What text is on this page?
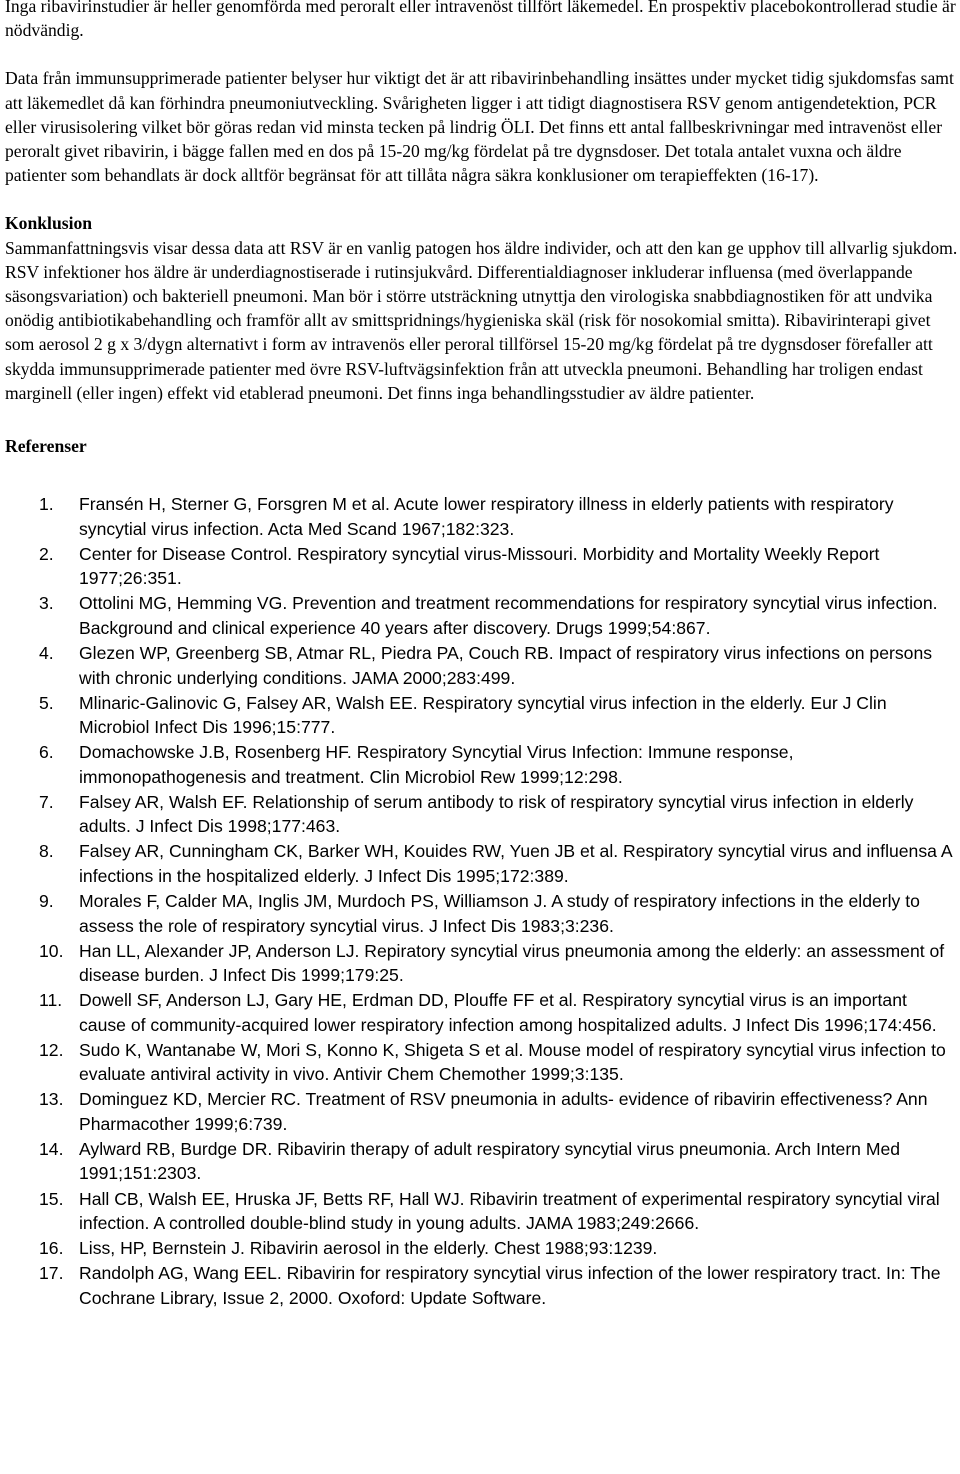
Inga ribavirinstudier är heller genomförda med peroralt eller intravenöst tillfört läkemedel. En prospektiv placebokontrollerad studie är nödvändig.

Data från immunsupprimerade patienter belyser hur viktigt det är att ribavirinbehandling insättes under mycket tidig sjukdomsfas samt att läkemedlet då kan förhindra pneumoniutveckling. Svårigheten ligger i att tidigt diagnostisera RSV genom antigendetektion, PCR eller virusisolering vilket bör göras redan vid minsta tecken på lindrig ÖLI. Det finns ett antal fallbeskrivningar med intravenöst eller peroralt givet ribavirin, i bägge fallen med en dos på 15-20 mg/kg fördelat på tre dygnsdoser. Det totala antalet vuxna och äldre patienter som behandlats är dock alltför begränsat för att tillåta några säkra konklusioner om terapieffekten (16-17).

Konklusion

Sammanfattningsvis visar dessa data att RSV är en vanlig patogen hos äldre individer, och att den kan ge upphov till allvarlig sjukdom. RSV infektioner hos äldre är underdiagnostiserade i rutinsjukvård. Differentialdiagnoser inkluderar influensa (med överlappande säsongsvariation) och bakteriell pneumoni. Man bör i större utsträckning utnyttja den virologiska snabbdiagnostiken för att undvika onödig antibiotikabehandling och framför allt av smittspridnings/hygieniska skäl (risk för nosokomial smitta). Ribavirinterapi givet som aerosol 2 g x 3/dygn alternativt i form av intravenös eller peroral tillförsel 15-20 mg/kg fördelat på tre dygnsdoser förefaller att skydda immunsupprimerade patienter med övre RSV-luftvägsinfektion från att utveckla pneumoni. Behandling har troligen endast marginell (eller ingen) effekt vid etablerad pneumoni. Det finns inga behandlingsstudier av äldre patienter.

Referenser

1. Fransén H, Sterner G, Forsgren M et al. Acute lower respiratory illness in elderly patients with respiratory syncytial virus infection. Acta Med Scand 1967;182:323.
2. Center for Disease Control. Respiratory syncytial virus-Missouri. Morbidity and Mortality Weekly Report 1977;26:351.
3. Ottolini MG, Hemming VG. Prevention and treatment recommendations for respiratory syncytial virus infection. Background and clinical experience 40 years after discovery. Drugs 1999;54:867.
4. Glezen WP, Greenberg SB, Atmar RL, Piedra PA, Couch RB. Impact of respiratory virus infections on persons with chronic underlying conditions. JAMA 2000;283:499.
5. Mlinaric-Galinovic G, Falsey AR, Walsh EE. Respiratory syncytial virus infection in the elderly. Eur J Clin Microbiol Infect Dis 1996;15:777.
6. Domachowske J.B, Rosenberg HF. Respiratory Syncytial Virus Infection: Immune response, immonopathogenesis and treatment. Clin Microbiol Rew 1999;12:298.
7. Falsey AR, Walsh EF. Relationship of serum antibody to risk of respiratory syncytial virus infection in elderly adults. J Infect Dis 1998;177:463.
8. Falsey AR, Cunningham CK, Barker WH, Kouides RW, Yuen JB et al. Respiratory syncytial virus and influensa A infections in the hospitalized elderly. J Infect Dis 1995;172:389.
9. Morales F, Calder MA, Inglis JM, Murdoch PS, Williamson J. A study of respiratory infections in the elderly to assess the role of respiratory syncytial virus. J Infect Dis 1983;3:236.
10. Han LL, Alexander JP, Anderson LJ. Repiratory syncytial virus pneumonia among the elderly: an assessment of disease burden. J Infect Dis 1999;179:25.
11. Dowell SF, Anderson LJ, Gary HE, Erdman DD, Plouffe FF et al. Respiratory syncytial virus is an important cause of community-acquired lower respiratory infection among hospitalized adults. J Infect Dis 1996;174:456.
12. Sudo K, Wantanabe W, Mori S, Konno K, Shigeta S et al. Mouse model of respiratory syncytial virus infection to evaluate antiviral activity in vivo. Antivir Chem Chemother 1999;3:135.
13. Dominguez KD, Mercier RC. Treatment of RSV pneumonia in adults- evidence of ribavirin effectiveness? Ann Pharmacother 1999;6:739.
14. Aylward RB, Burdge DR. Ribavirin therapy of adult respiratory syncytial virus pneumonia. Arch Intern Med 1991;151:2303.
15. Hall CB, Walsh EE, Hruska JF, Betts RF, Hall WJ. Ribavirin treatment of experimental respiratory syncytial viral infection. A controlled double-blind study in young adults. JAMA 1983;249:2666.
16. Liss, HP, Bernstein J. Ribavirin aerosol in the elderly. Chest 1988;93:1239.
17. Randolph AG, Wang EEL. Ribavirin for respiratory syncytial virus infection of the lower respiratory tract. In: The Cochrane Library, Issue 2, 2000. Oxoford: Update Software.
